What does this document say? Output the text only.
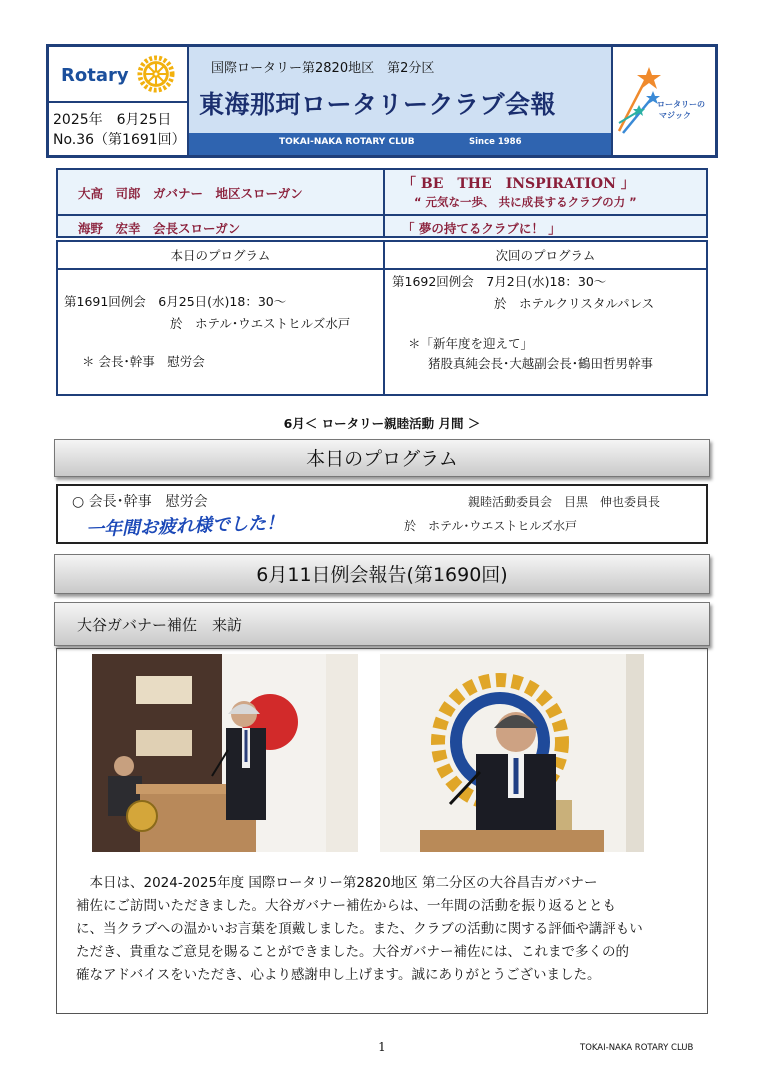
Rotary
2025年　6月25日
No.36（第1691回）
国際ロータリー第2820地区　第2分区
東海那珂ロータリークラブ会報
TOKAI-NAKA ROTARY CLUB	Since 1986
ロータリーの
マジック
大高　司郎　ガバナー　地区スローガン
「 BE　THE　INSPIRATION 」
“ 元気な一歩、 共に成長するクラブの力 ”
海野　宏幸　会長スローガン	「 夢の持てるクラブに！ 」
本日のプログラム	次回のプログラム
第1691回例会　6月25日(水)18：30～
於　ホテル･ウエストヒルズ水戸
＊ 会長･幹事　慰労会
第1692回例会　7月2日(水)18：30～
於　ホテルクリスタルパレス
＊「新年度を迎えて」
猪股真純会長･大越副会長･鶴田哲男幹事
6月＜ ロータリー親睦活動 月間 ＞
本日のプログラム
○ 会長･幹事　慰労会	親睦活動委員会　目黒　伸也委員長
一年間お疲れ様でした！	於　ホテル･ウエストヒルズ水戸
6月11日例会報告(第1690回)
大谷ガバナー補佐　来訪
　本日は、2024-2025年度 国際ロータリー第2820地区 第二分区の大谷昌吉ガバナー
補佐にご訪問いただきました。大谷ガバナー補佐からは、一年間の活動を振り返るととも
に、当クラブへの温かいお言葉を頂戴しました。また、クラブの活動に関する評価や講評もい
ただき、貴重なご意見を賜ることができました。大谷ガバナー補佐には、これまで多くの的
確なアドバイスをいただき、心より感謝申し上げます。誠にありがとうございました。
1	TOKAI-NAKA ROTARY CLUB
